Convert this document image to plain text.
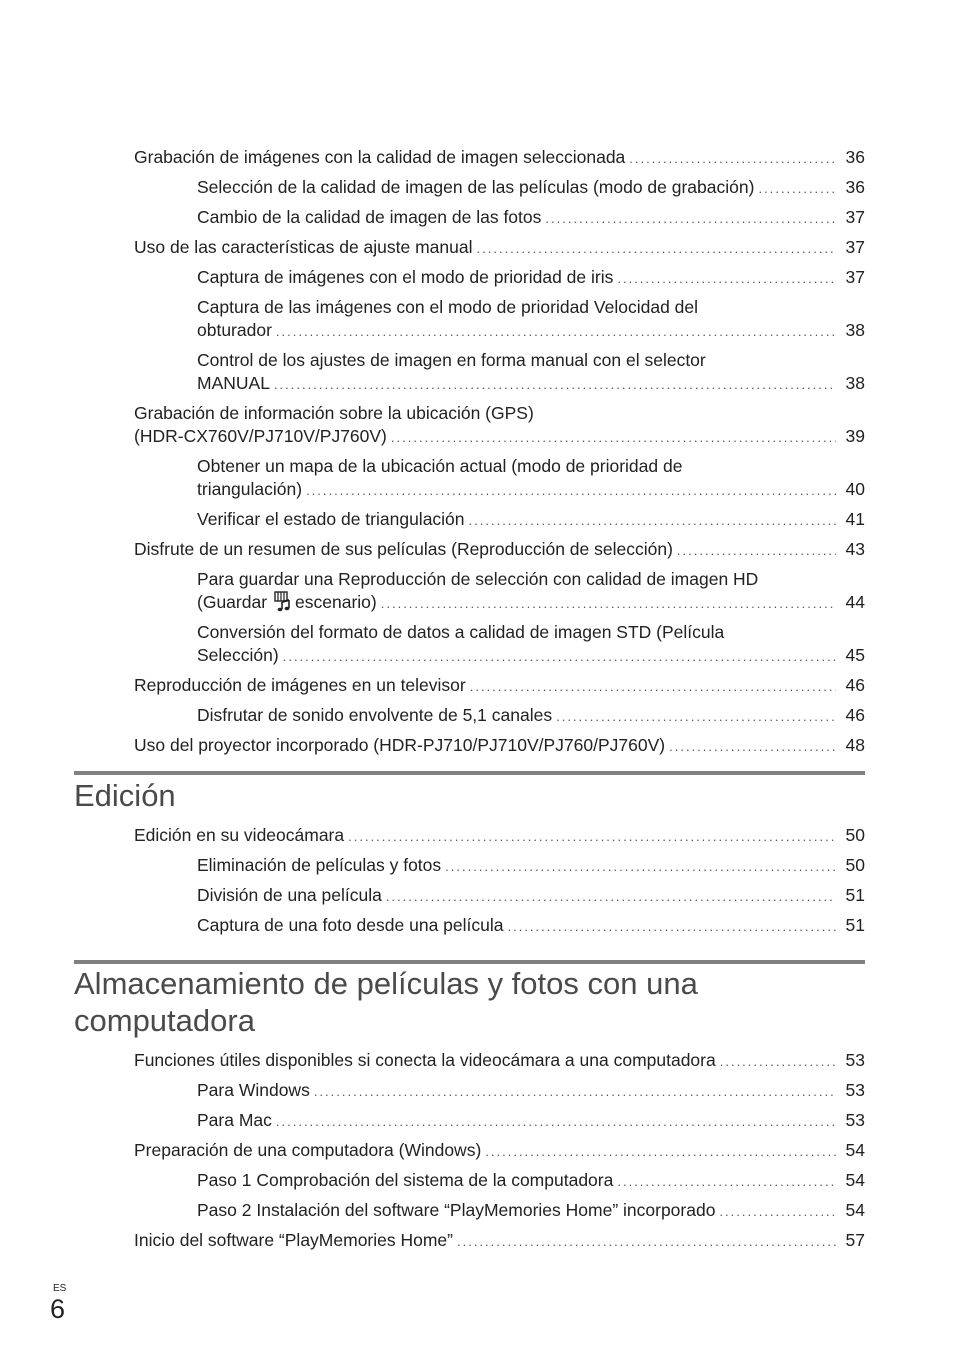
Grabación de imágenes con la calidad de imagen seleccionada .....	36
Selección de la calidad de imagen de las películas (modo de grabación) .....	36
Cambio de la calidad de imagen de las fotos .....	37
Uso de las características de ajuste manual .....	37
Captura de imágenes con el modo de prioridad de iris .....	37
Captura de las imágenes con el modo de prioridad Velocidad del
obturador .....	38
Control de los ajustes de imagen en forma manual con el selector
MANUAL .....	38
Grabación de información sobre la ubicación (GPS)
(HDR-CX760V/PJ710V/PJ760V) .....	39
Obtener un mapa de la ubicación actual (modo de prioridad de
triangulación) .....	40
Verificar el estado de triangulación .....	41
Disfrute de un resumen de sus películas (Reproducción de selección) .....	43
Para guardar una Reproducción de selección con calidad de imagen HD
(Guardar escenario) .....	44
Conversión del formato de datos a calidad de imagen STD (Película
Selección) .....	45
Reproducción de imágenes en un televisor .....	46
Disfrutar de sonido envolvente de 5,1 canales .....	46
Uso del proyector incorporado (HDR-PJ710/PJ710V/PJ760/PJ760V) .....	48
Edición
Edición en su videocámara .....	50
Eliminación de películas y fotos .....	50
División de una película .....	51
Captura de una foto desde una película .....	51
Almacenamiento de películas y fotos con una
computadora
Funciones útiles disponibles si conecta la videocámara a una computadora .....	53
Para Windows .....	53
Para Mac .....	53
Preparación de una computadora (Windows) .....	54
Paso 1 Comprobación del sistema de la computadora .....	54
Paso 2 Instalación del software “PlayMemories Home” incorporado .....	54
Inicio del software “PlayMemories Home” .....	57
ES
6
